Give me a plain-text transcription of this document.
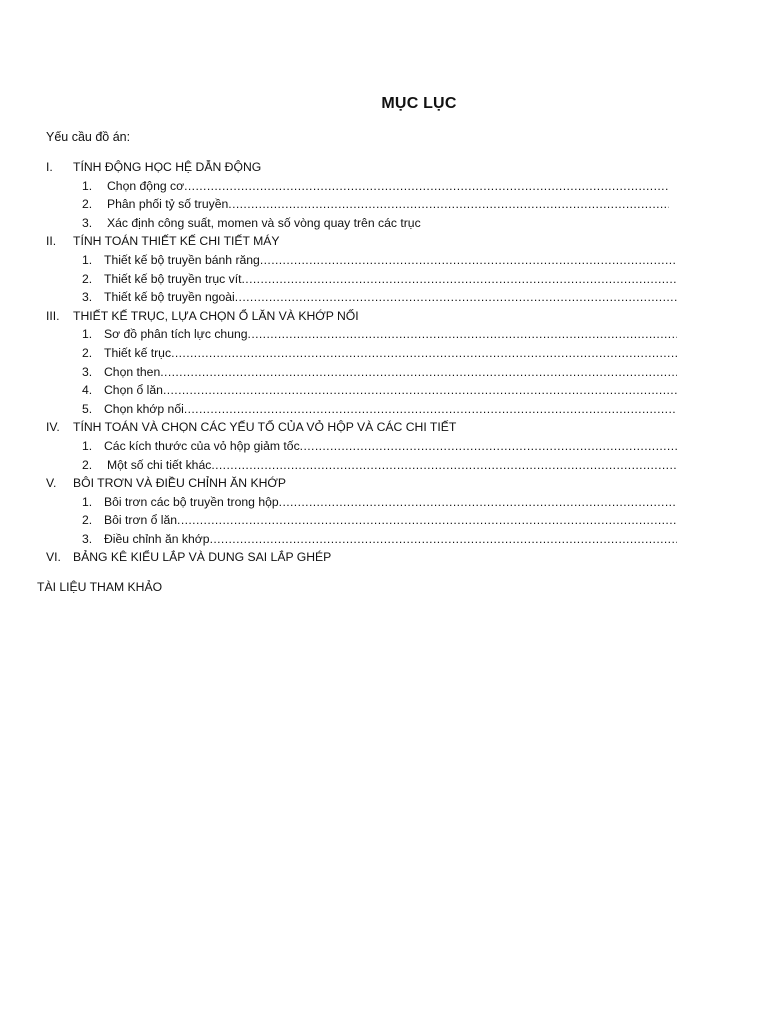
MỤC LỤC
Yếu cầu đồ án:
I. TÍNH ĐỘNG HỌC HỆ DẪN ĐỘNG
1. Chọn động cơ
.....
2. Phân phối tỷ số truyền
.....
3. Xác định công suất, momen và số vòng quay trên các trục
II. TÍNH TOÁN THIẾT KẾ CHI TIẾT MÁY
1. Thiết kế bộ truyền bánh răng
.....
2. Thiết kế bộ truyền trục vít
.....
3. Thiết kế bộ truyền ngoài
.....
III. THIẾT KẾ TRỤC, LỰA CHỌN Ổ LĂN VÀ KHỚP NỐI
1. Sơ đồ phân tích lực chung
.....
2. Thiết kế trục
.....
3. Chọn then
.....
4. Chọn ổ lăn
.....
5. Chọn khớp nối
.....
IV. TÍNH TOÁN VÀ CHỌN CÁC YẾU TỐ CỦA VỎ HỘP VÀ CÁC CHI TIẾT
1. Các kích thước của vỏ hộp giảm tốc
.....
2. Một số chi tiết khác
.....
V. BÔI TRƠN VÀ ĐIỀU CHỈNH ĂN KHỚP
1. Bôi trơn các bộ truyền trong hộp
.....
2. Bôi trơn ổ lăn
.....
3. Điều chỉnh ăn khớp
.....
VI. BẢNG KÊ KIỂU LẮP VÀ DUNG SAI LẮP GHÉP
TÀI LIỆU THAM KHẢO
